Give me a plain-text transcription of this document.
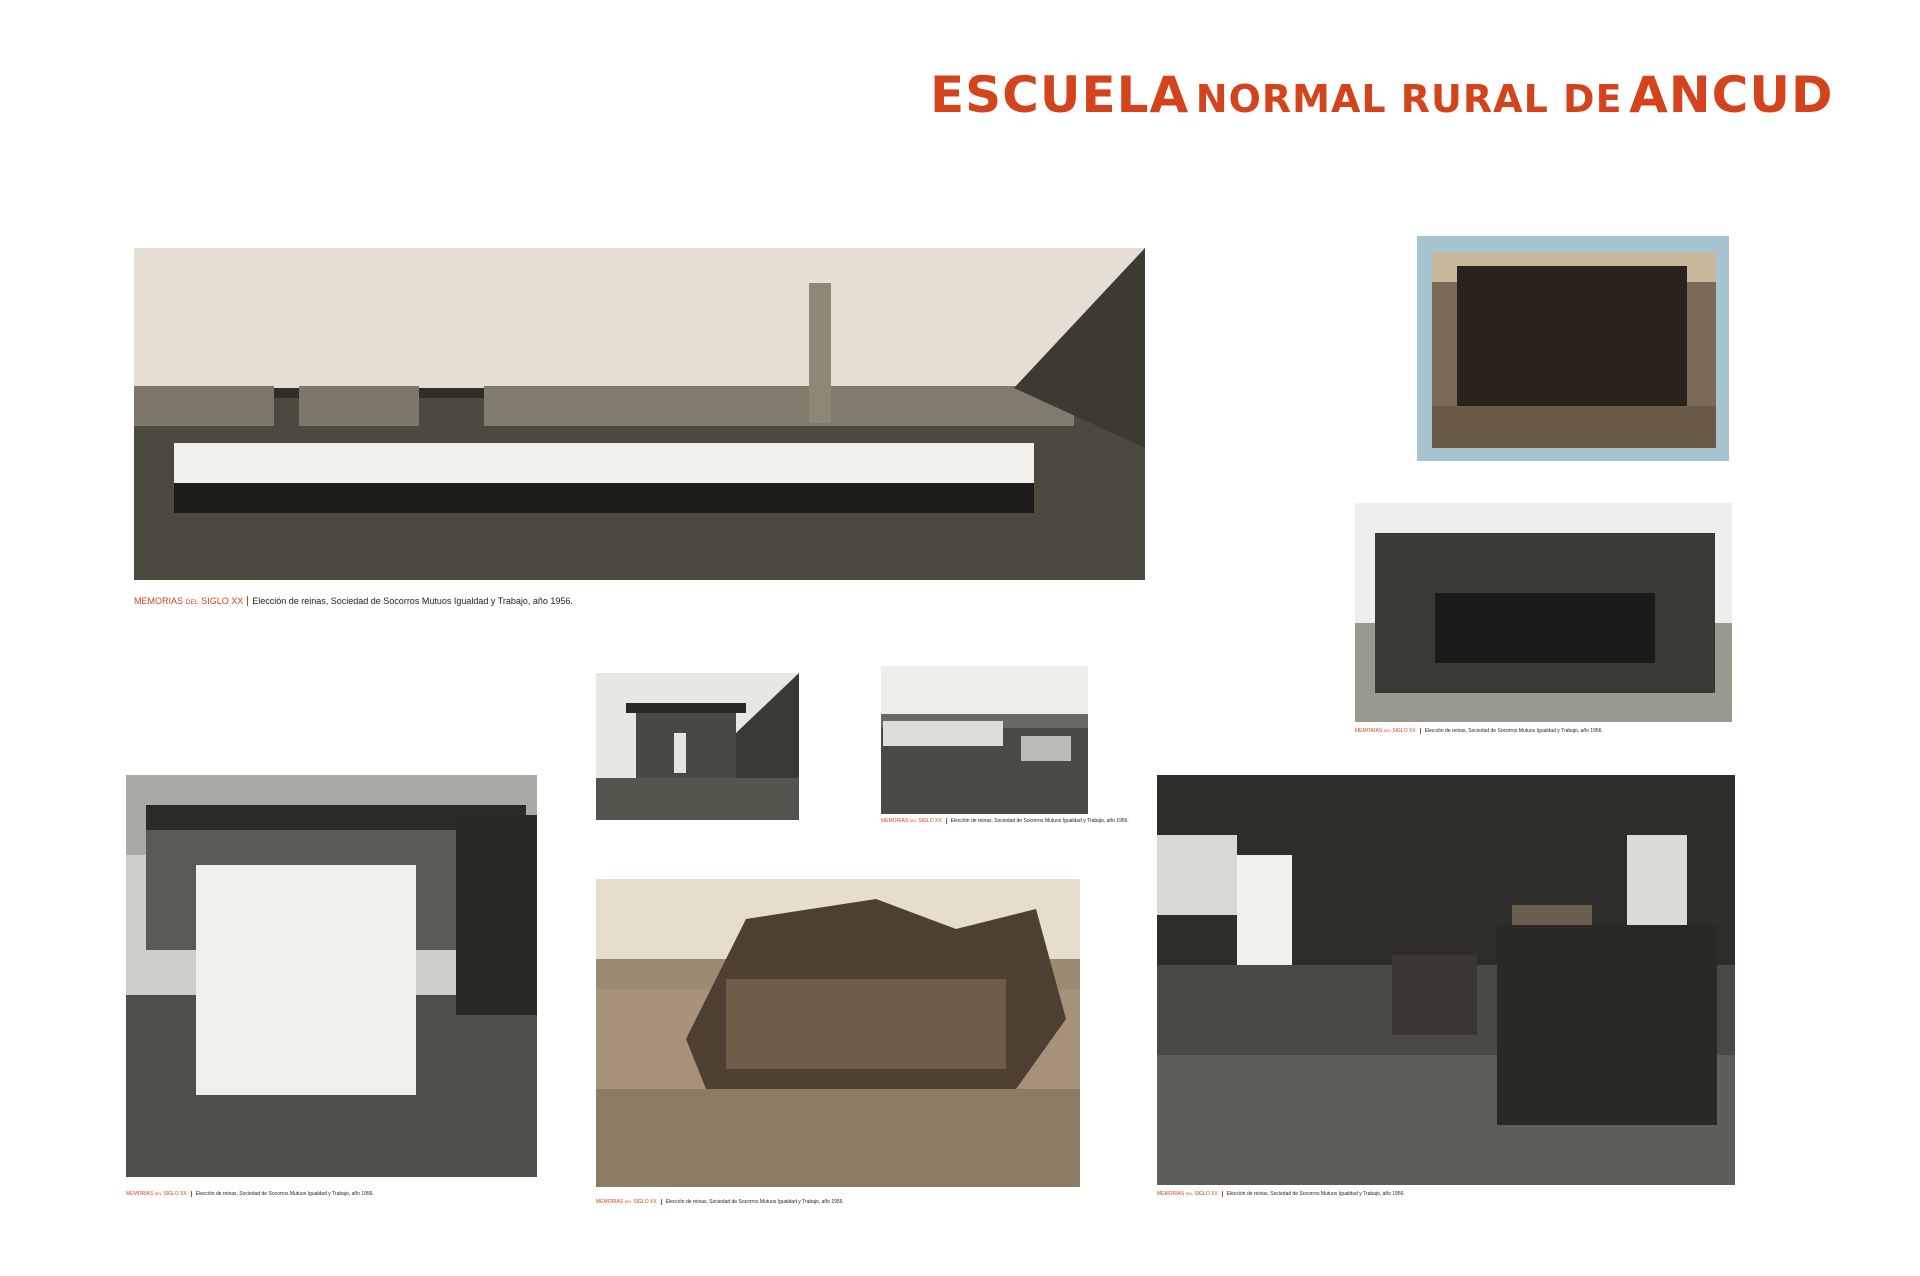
ESCUELA NORMAL RURAL DE ANCUD
MEMORIAS DEL SIGLO XX	Elección de reinas, Sociedad de Socorros Mutuos Igualdad y Trabajo, año 1956.
MEMORIAS DEL SIGLO XX	Elección de reinas, Sociedad de Socorros Mutuos Igualdad y Trabajo, año 1956.
MEMORIAS DEL SIGLO XX	Elección de reinas, Sociedad de Socorros Mutuos Igualdad y Trabajo, año 1956.
MEMORIAS DEL SIGLO XX	Elección de reinas, Sociedad de Socorros Mutuos Igualdad y Trabajo, año 1956.
MEMORIAS DEL SIGLO XX	Elección de reinas, Sociedad de Socorros Mutuos Igualdad y Trabajo, año 1956.
MEMORIAS DEL SIGLO XX	Elección de reinas, Sociedad de Socorros Mutuos Igualdad y Trabajo, año 1956.
